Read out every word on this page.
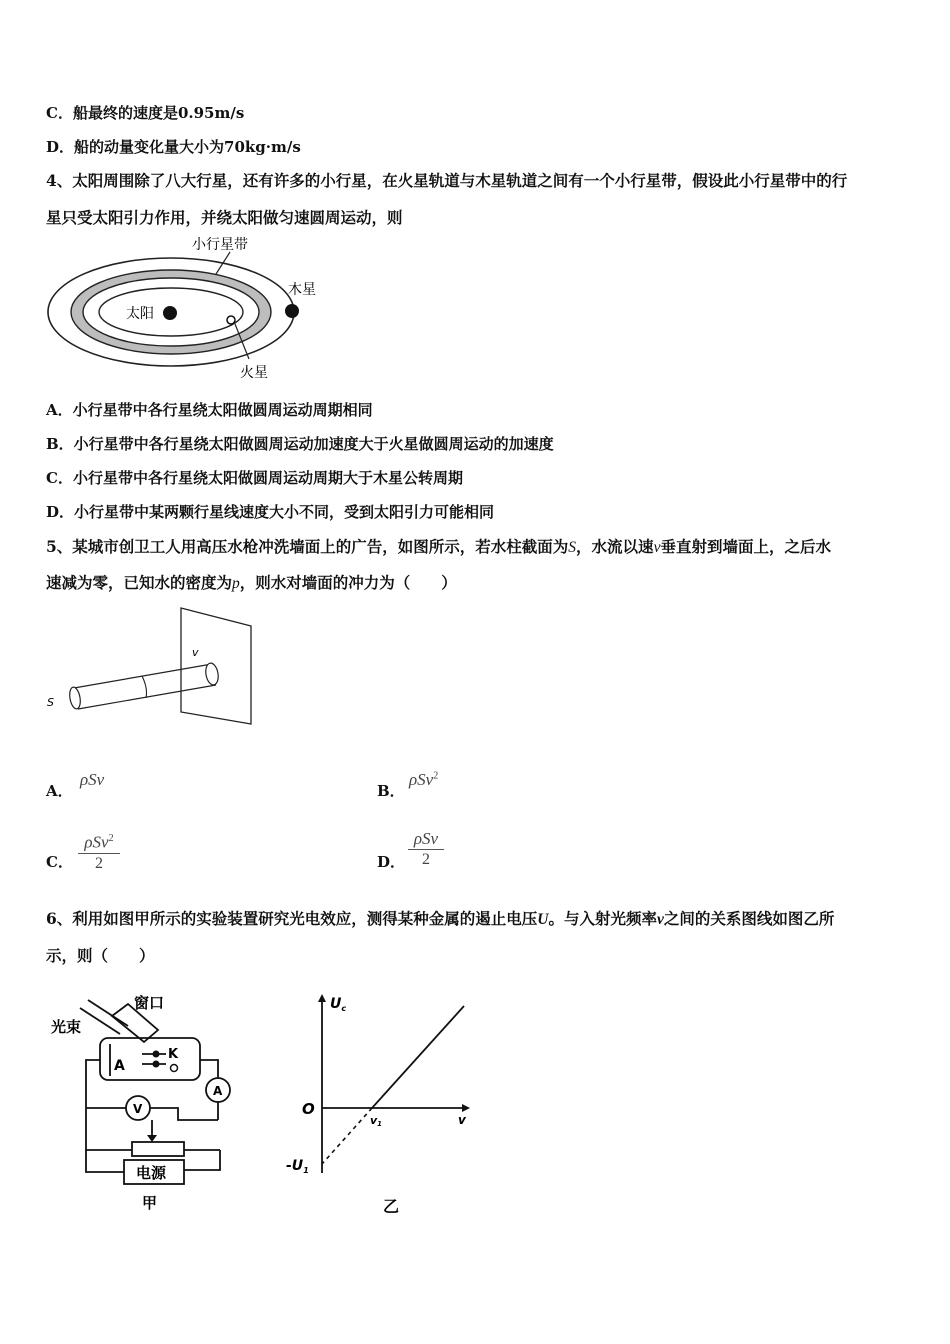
C．船最终的速度是0.95m/s
D．船的动量变化量大小为70kg·m/s
4、太阳周围除了八大行星，还有许多的小行星，在火星轨道与木星轨道之间有一个小行星带，假设此小行星带中的行
星只受太阳引力作用，并绕太阳做匀速圆周运动，则
小行星带
木星
太阳
火星
A．小行星带中各行星绕太阳做圆周运动周期相同
B．小行星带中各行星绕太阳做圆周运动加速度大于火星做圆周运动的加速度
C．小行星带中各行星绕太阳做圆周运动周期大于木星公转周期
D．小行星带中某两颗行星线速度大小不同，受到太阳引力可能相同
5、某城市创卫工人用高压水枪冲洗墙面上的广告，如图所示，若水柱截面为S，水流以速v垂直射到墙面上，之后水
速减为零，已知水的密度为p，则水对墙面的冲力为（　　）
S
v
A．
ρSv
B．
ρSv$^2$
C．
ρSv$^2$
2	D．
ρSv
2
6、利用如图甲所示的实验装置研究光电效应，测得某种金属的遏止电压U。与入射光频率v之间的关系图线如图乙所
示，则（　　）
窗口
光束
A
K
A
V
电源
甲
$U_c$
O
v1	v
$-U_1$
乙
